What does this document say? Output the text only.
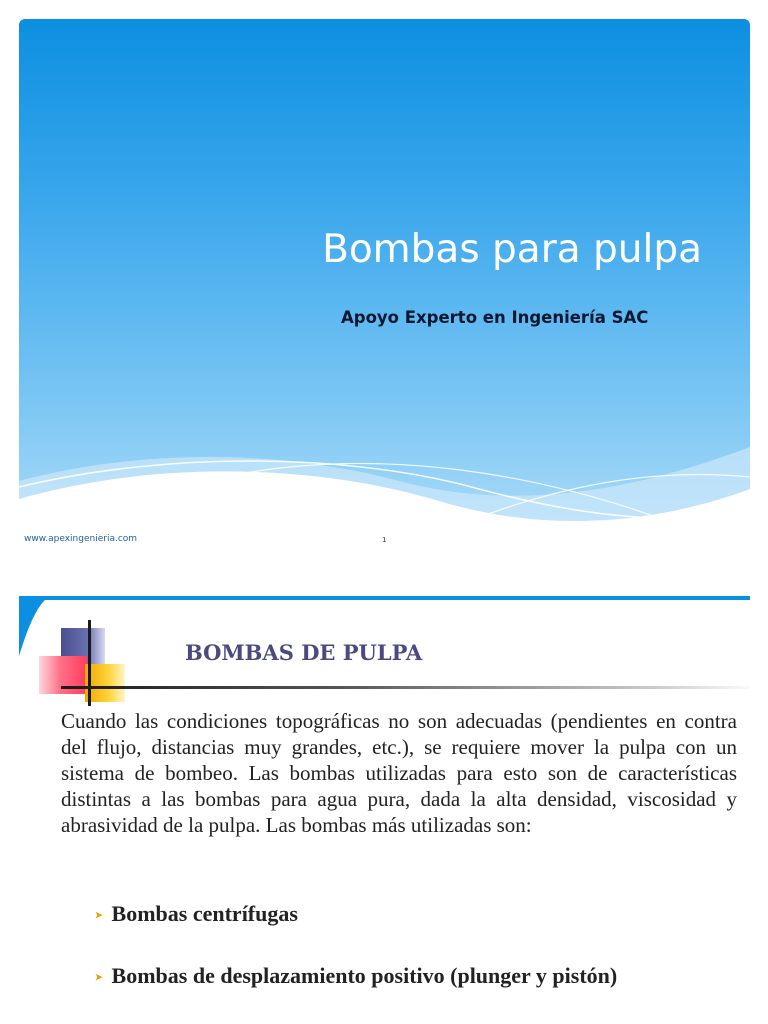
Bombas para pulpa
Apoyo Experto en Ingeniería SAC
www.apexingenieria.com	1
BOMBAS DE PULPA
Cuando las condiciones topográficas no son adecuadas (pendientes en contra del flujo, distancias muy grandes, etc.), se requiere mover la pulpa con un sistema de bombeo. Las bombas utilizadas para esto son de características distintas a las bombas para agua pura, dada la alta densidad, viscosidad y abrasividad de la pulpa. Las bombas más utilizadas son:
➤ Bombas centrífugas
➤ Bombas de desplazamiento positivo (plunger y pistón)
